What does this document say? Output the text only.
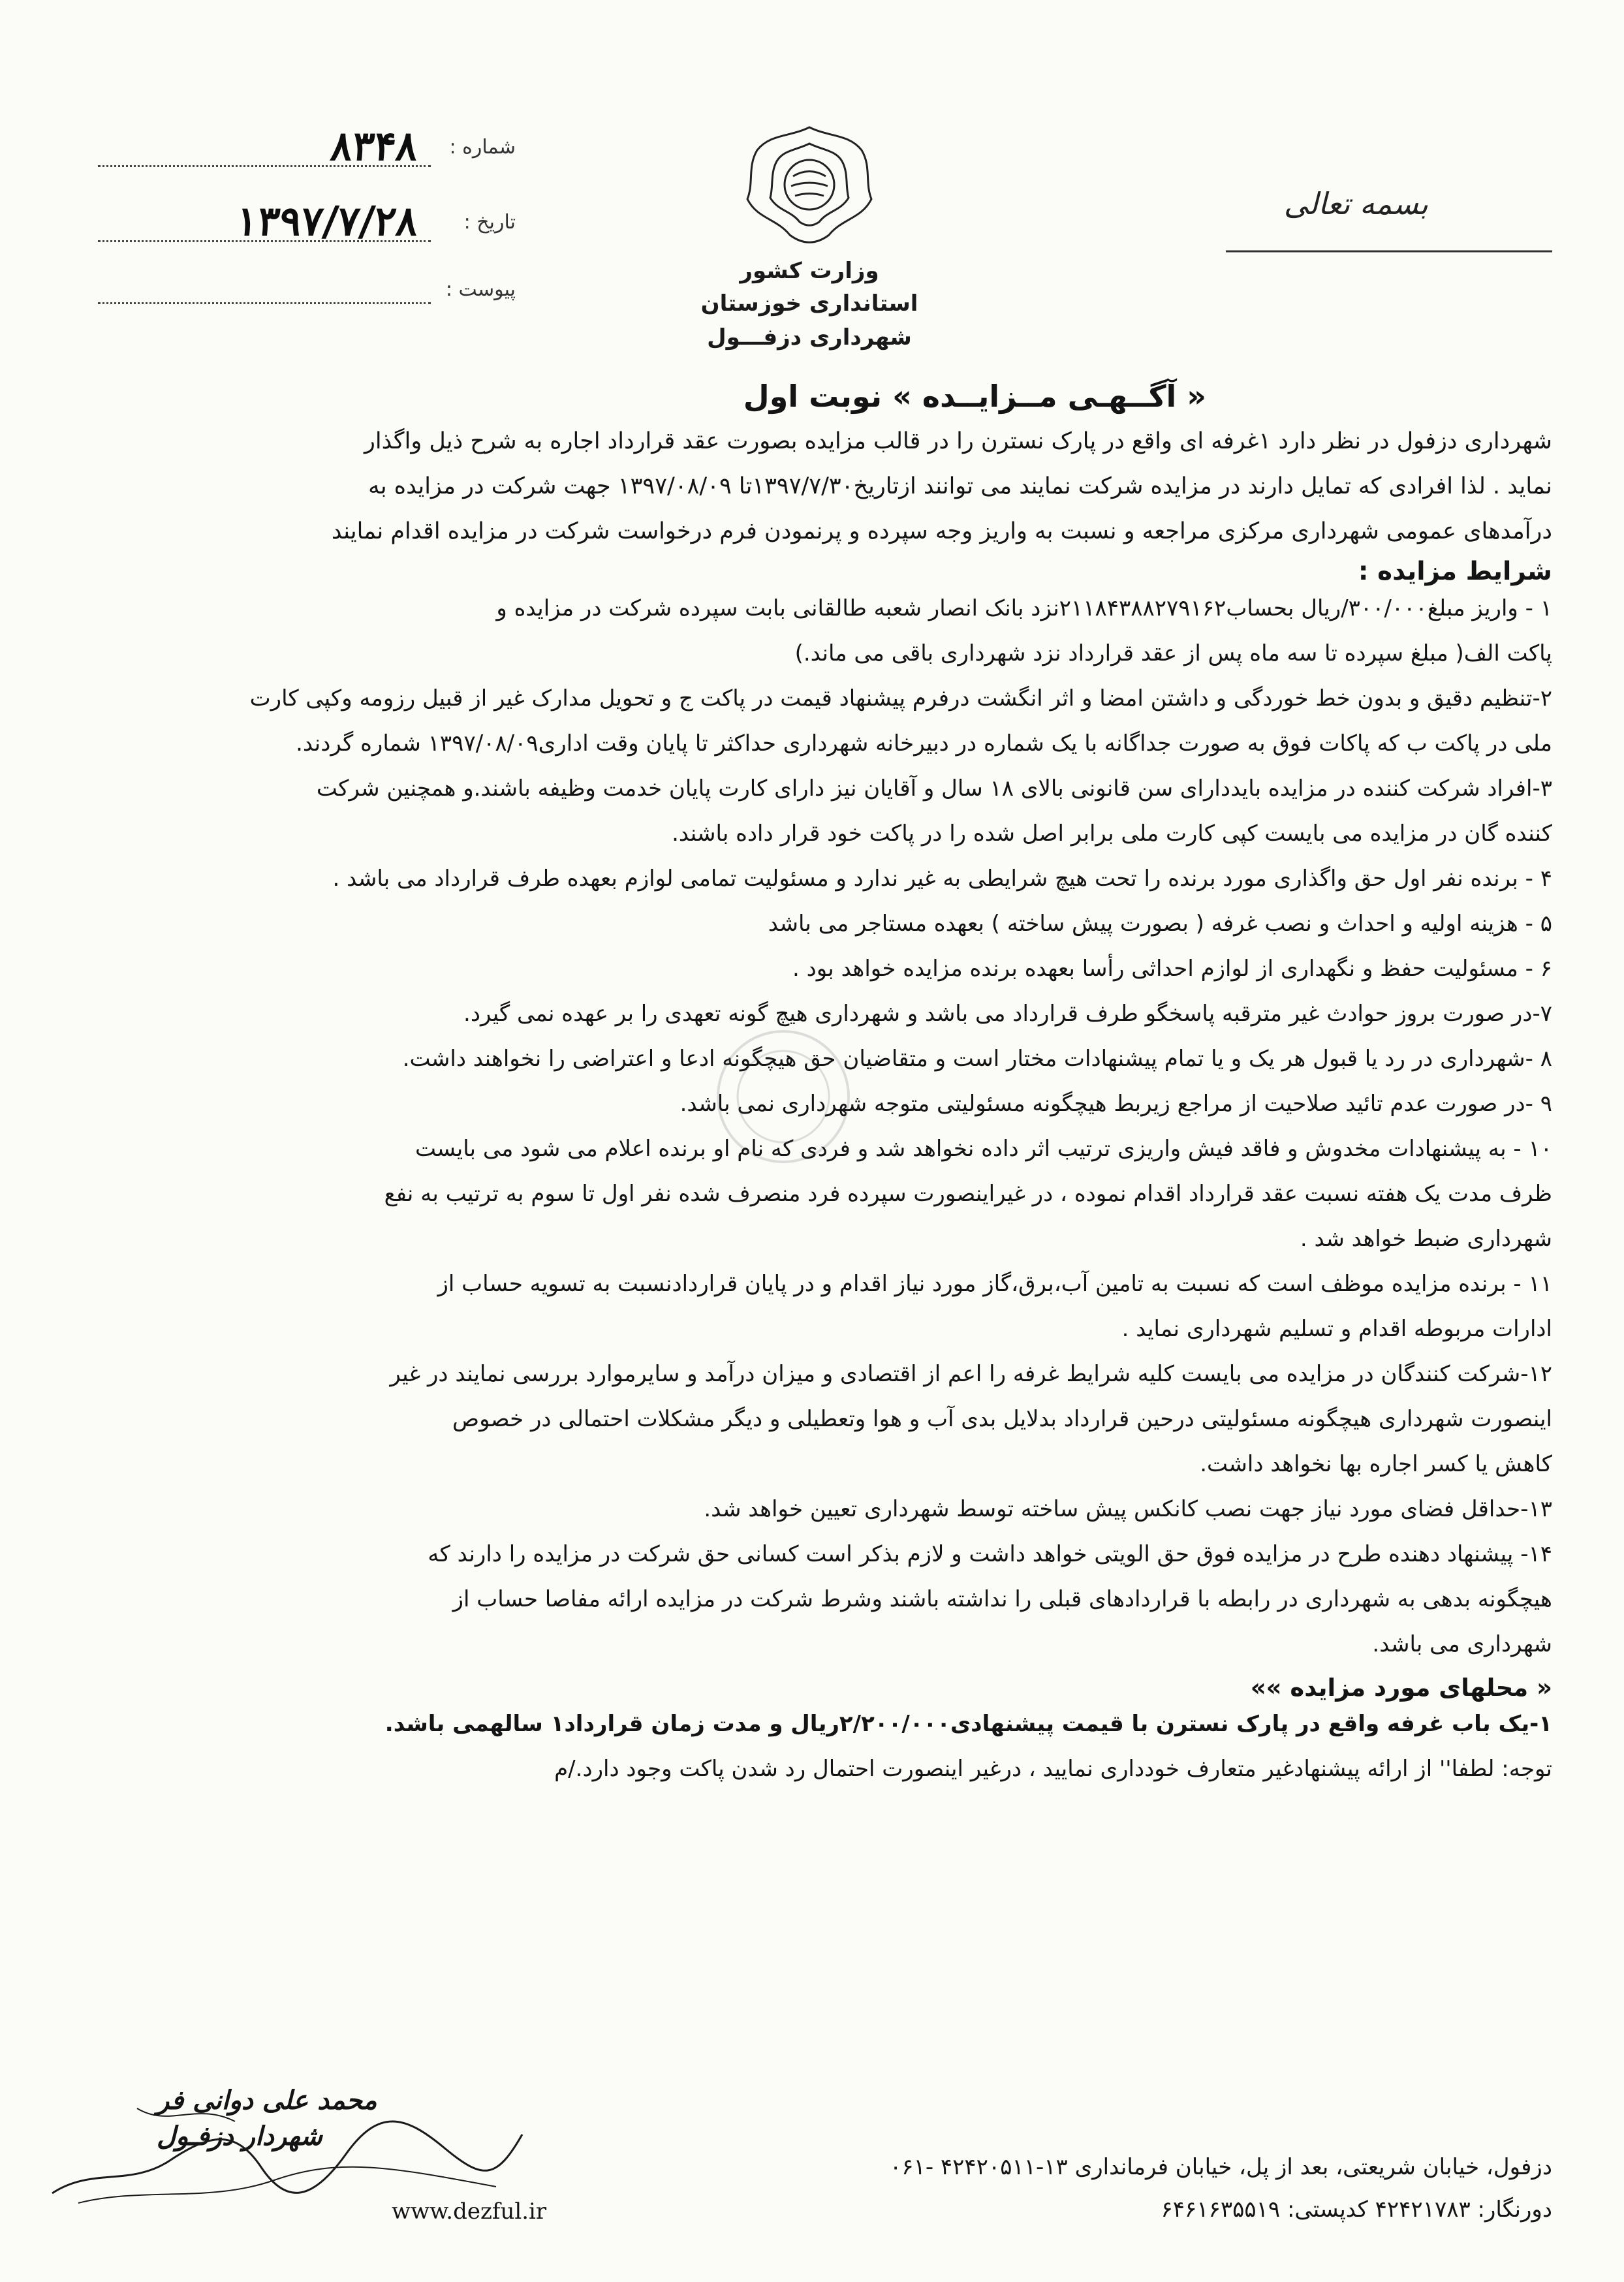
شماره :
۸۳۴۸
تاریخ :
۱۳۹۷/۷/۲۸
پیوست :
وزارت کشور
استانداری خوزستان
شهرداری دزفـــول
بسمه تعالی
« آگــهـی مــزایــده » نوبت اول

شهرداری دزفول در نظر دارد ۱غرفه ای واقع در پارک نسترن را در قالب مزایده بصورت عقد قرارداد اجاره به شرح ذیل واگذار

نماید . لذا افرادی که تمایل دارند در مزایده شرکت نمایند می توانند ازتاریخ۱۳۹۷/۷/۳۰تا ۱۳۹۷/۰۸/۰۹ جهت شرکت در مزایده به

درآمدهای عمومی شهرداری مرکزی مراجعه و نسبت به واریز وجه سپرده و پرنمودن فرم درخواست شرکت در مزایده اقدام نمایند

شرایط مزایده :

۱ - واریز مبلغ۳۰۰/۰۰۰/ریال بحساب۲۱۱۸۴۳۸۸۲۷۹۱۶۲نزد بانک انصار شعبه طالقانی بابت سپرده شرکت در مزایده و

پاکت الف( مبلغ سپرده تا سه ماه پس از عقد قرارداد نزد شهرداری باقی می ماند.)

۲-تنظیم دقیق و بدون خط خوردگی و داشتن امضا و اثر انگشت درفرم پیشنهاد قیمت در پاکت ج و تحویل مدارک غیر از قبیل رزومه وکپی کارت

ملی در پاکت ب که پاکات فوق به صورت جداگانه با یک شماره در دبیرخانه شهرداری حداکثر تا پایان وقت اداری۱۳۹۷/۰۸/۰۹ شماره گردند.

۳-افراد شرکت کننده در مزایده بایددارای سن قانونی بالای ۱۸ سال و آقایان نیز دارای کارت پایان خدمت وظیفه باشند.و همچنین شرکت

کننده گان در مزایده می بایست کپی کارت ملی برابر اصل شده را در پاکت خود قرار داده باشند.

۴ - برنده نفر اول حق واگذاری مورد برنده را تحت هیچ شرایطی به غیر ندارد و مسئولیت تمامی لوازم بعهده طرف قرارداد می باشد .

۵ - هزینه اولیه و احداث و نصب غرفه ( بصورت پیش ساخته ) بعهده مستاجر می باشد

۶ - مسئولیت حفظ و نگهداری از لوازم احداثی رأسا بعهده برنده مزایده خواهد بود .

۷-در صورت بروز حوادث غیر مترقبه پاسخگو طرف قرارداد می باشد و شهرداری هیچ گونه تعهدی را بر عهده نمی گیرد.

۸ -شهرداری در رد یا قبول هر یک و یا تمام پیشنهادات مختار است و متقاضیان حق هیچگونه ادعا و اعتراضی را نخواهند داشت.

۹ -در صورت عدم تائید صلاحیت از مراجع زیربط هیچگونه مسئولیتی متوجه شهرداری نمی باشد.

۱۰ - به پیشنهادات مخدوش و فاقد فیش واریزی ترتیب اثر داده نخواهد شد و فردی که نام او برنده اعلام می شود می بایست

ظرف مدت یک هفته نسبت عقد قرارداد اقدام نموده ، در غیراینصورت سپرده فرد منصرف شده نفر اول تا سوم به ترتیب به نفع

شهرداری ضبط خواهد شد .

۱۱ - برنده مزایده موظف است که نسبت به تامین آب،برق،گاز مورد نیاز اقدام و در پایان قراردادنسبت به تسویه حساب از

ادارات مربوطه اقدام و تسلیم شهرداری نماید .

۱۲-شرکت کنندگان در مزایده می بایست کلیه شرایط غرفه را اعم از اقتصادی و میزان درآمد و سایرموارد بررسی نمایند در غیر

اینصورت شهرداری هیچگونه مسئولیتی درحین قرارداد بدلایل بدی آب و هوا وتعطیلی و دیگر مشکلات احتمالی در خصوص

کاهش یا کسر اجاره بها نخواهد داشت.

۱۳-حداقل فضای مورد نیاز جهت نصب کانکس پیش ساخته توسط شهرداری تعیین خواهد شد.

۱۴- پیشنهاد دهنده طرح در مزایده فوق حق الویتی خواهد داشت و لازم بذکر است کسانی حق شرکت در مزایده را دارند که

هیچگونه بدهی به شهرداری در رابطه با قراردادهای قبلی را نداشته باشند وشرط شرکت در مزایده ارائه مفاصا حساب از

شهرداری می باشد.

« محلهای مورد مزایده »»

۱-یک باب غرفه واقع در پارک نسترن با قیمت پیشنهادی۲/۲۰۰/۰۰۰ریال و مدت زمان قرارداد۱ سالهمی باشد.

توجه: لطفا'' از ارائه پیشنهادغیر متعارف خودداری نمایید ، درغیر اینصورت احتمال رد شدن پاکت وجود دارد./م

محمد علی دوانی فر
شهردار دزفـول
دزفول، خیابان شریعتی، بعد از پل، خیابان فرمانداری ۱۳-۴۲۴۲۰۵۱۱ -۰۶۱
دورنگار: ۴۲۴۲۱۷۸۳ کدپستی: ۶۴۶۱۶۳۵۵۱۹
www.dezful.ir
